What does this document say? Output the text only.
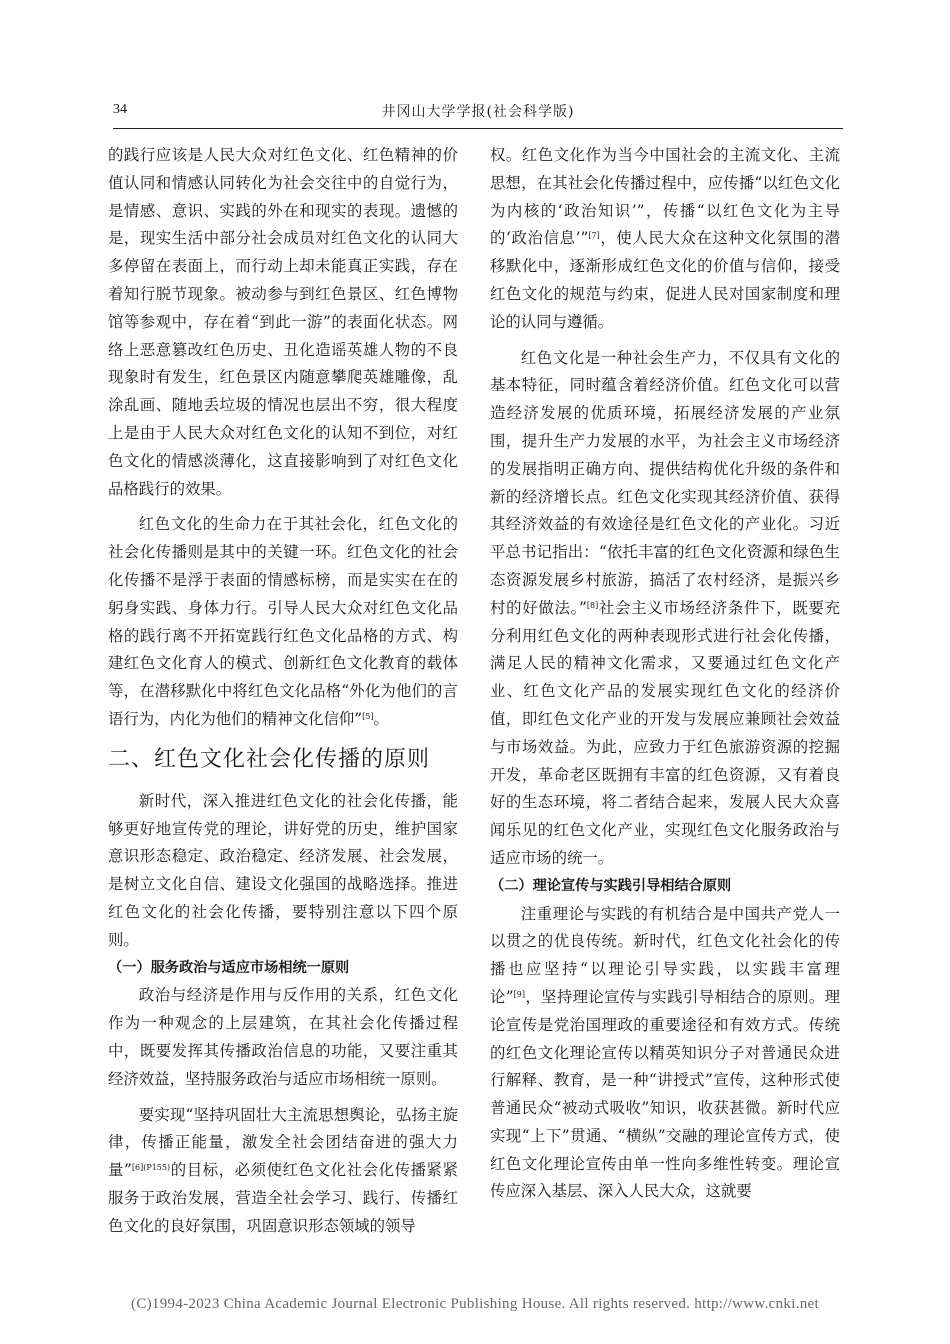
34	井冈山大学学报(社会科学版)

的践行应该是人民大众对红色文化、红色精神的价值认同和情感认同转化为社会交往中的自觉行为，是情感、意识、实践的外在和现实的表现。遗憾的是，现实生活中部分社会成员对红色文化的认同大多停留在表面上，而行动上却未能真正实践，存在着知行脱节现象。被动参与到红色景区、红色博物馆等参观中，存在着“到此一游”的表面化状态。网络上恶意篡改红色历史、丑化造谣英雄人物的不良现象时有发生，红色景区内随意攀爬英雄雕像，乱涂乱画、随地丢垃圾的情况也层出不穷，很大程度上是由于人民大众对红色文化的认知不到位，对红色文化的情感淡薄化，这直接影响到了对红色文化品格践行的效果。

红色文化的生命力在于其社会化，红色文化的社会化传播则是其中的关键一环。红色文化的社会化传播不是浮于表面的情感标榜，而是实实在在的躬身实践、身体力行。引导人民大众对红色文化品格的践行离不开拓宽践行红色文化品格的方式、构建红色文化育人的模式、创新红色文化教育的载体等，在潜移默化中将红色文化品格“外化为他们的言语行为，内化为他们的精神文化信仰”[5]。

二、红色文化社会化传播的原则

新时代，深入推进红色文化的社会化传播，能够更好地宣传党的理论，讲好党的历史，维护国家意识形态稳定、政治稳定、经济发展、社会发展，是树立文化自信、建设文化强国的战略选择。推进红色文化的社会化传播，要特别注意以下四个原则。

（一）服务政治与适应市场相统一原则

政治与经济是作用与反作用的关系，红色文化作为一种观念的上层建筑，在其社会化传播过程中，既要发挥其传播政治信息的功能，又要注重其经济效益，坚持服务政治与适应市场相统一原则。

要实现“坚持巩固壮大主流思想舆论，弘扬主旋律，传播正能量，激发全社会团结奋进的强大力量”$^{[6](P155)}$的目标，必须使红色文化社会化传播紧紧服务于政治发展，营造全社会学习、践行、传播红色文化的良好氛围，巩固意识形态领域的领导

权。红色文化作为当今中国社会的主流文化、主流思想，在其社会化传播过程中，应传播“以红色文化为内核的‘政治知识’”，传播“以红色文化为主导的‘政治信息’”[7]，使人民大众在这种文化氛围的潜移默化中，逐渐形成红色文化的价值与信仰，接受红色文化的规范与约束，促进人民对国家制度和理论的认同与遵循。

红色文化是一种社会生产力，不仅具有文化的基本特征，同时蕴含着经济价值。红色文化可以营造经济发展的优质环境，拓展经济发展的产业氛围，提升生产力发展的水平，为社会主义市场经济的发展指明正确方向、提供结构优化升级的条件和新的经济增长点。红色文化实现其经济价值、获得其经济效益的有效途径是红色文化的产业化。习近平总书记指出：“依托丰富的红色文化资源和绿色生态资源发展乡村旅游，搞活了农村经济，是振兴乡村的好做法。”[8]社会主义市场经济条件下，既要充分利用红色文化的两种表现形式进行社会化传播，满足人民的精神文化需求，又要通过红色文化产业、红色文化产品的发展实现红色文化的经济价值，即红色文化产业的开发与发展应兼顾社会效益与市场效益。为此，应致力于红色旅游资源的挖掘开发，革命老区既拥有丰富的红色资源，又有着良好的生态环境，将二者结合起来，发展人民大众喜闻乐见的红色文化产业，实现红色文化服务政治与适应市场的统一。

（二）理论宣传与实践引导相结合原则

注重理论与实践的有机结合是中国共产党人一以贯之的优良传统。新时代，红色文化社会化的传播也应坚持“以理论引导实践，以实践丰富理论”[9]，坚持理论宣传与实践引导相结合的原则。理论宣传是党治国理政的重要途径和有效方式。传统的红色文化理论宣传以精英知识分子对普通民众进行解释、教育，是一种“讲授式”宣传，这种形式使普通民众“被动式吸收”知识，收获甚微。新时代应实现“上下”贯通、“横纵”交融的理论宣传方式，使红色文化理论宣传由单一性向多维性转变。理论宣传应深入基层、深入人民大众，这就要

(C)1994-2023 China Academic Journal Electronic Publishing House. All rights reserved. http://www.cnki.net
